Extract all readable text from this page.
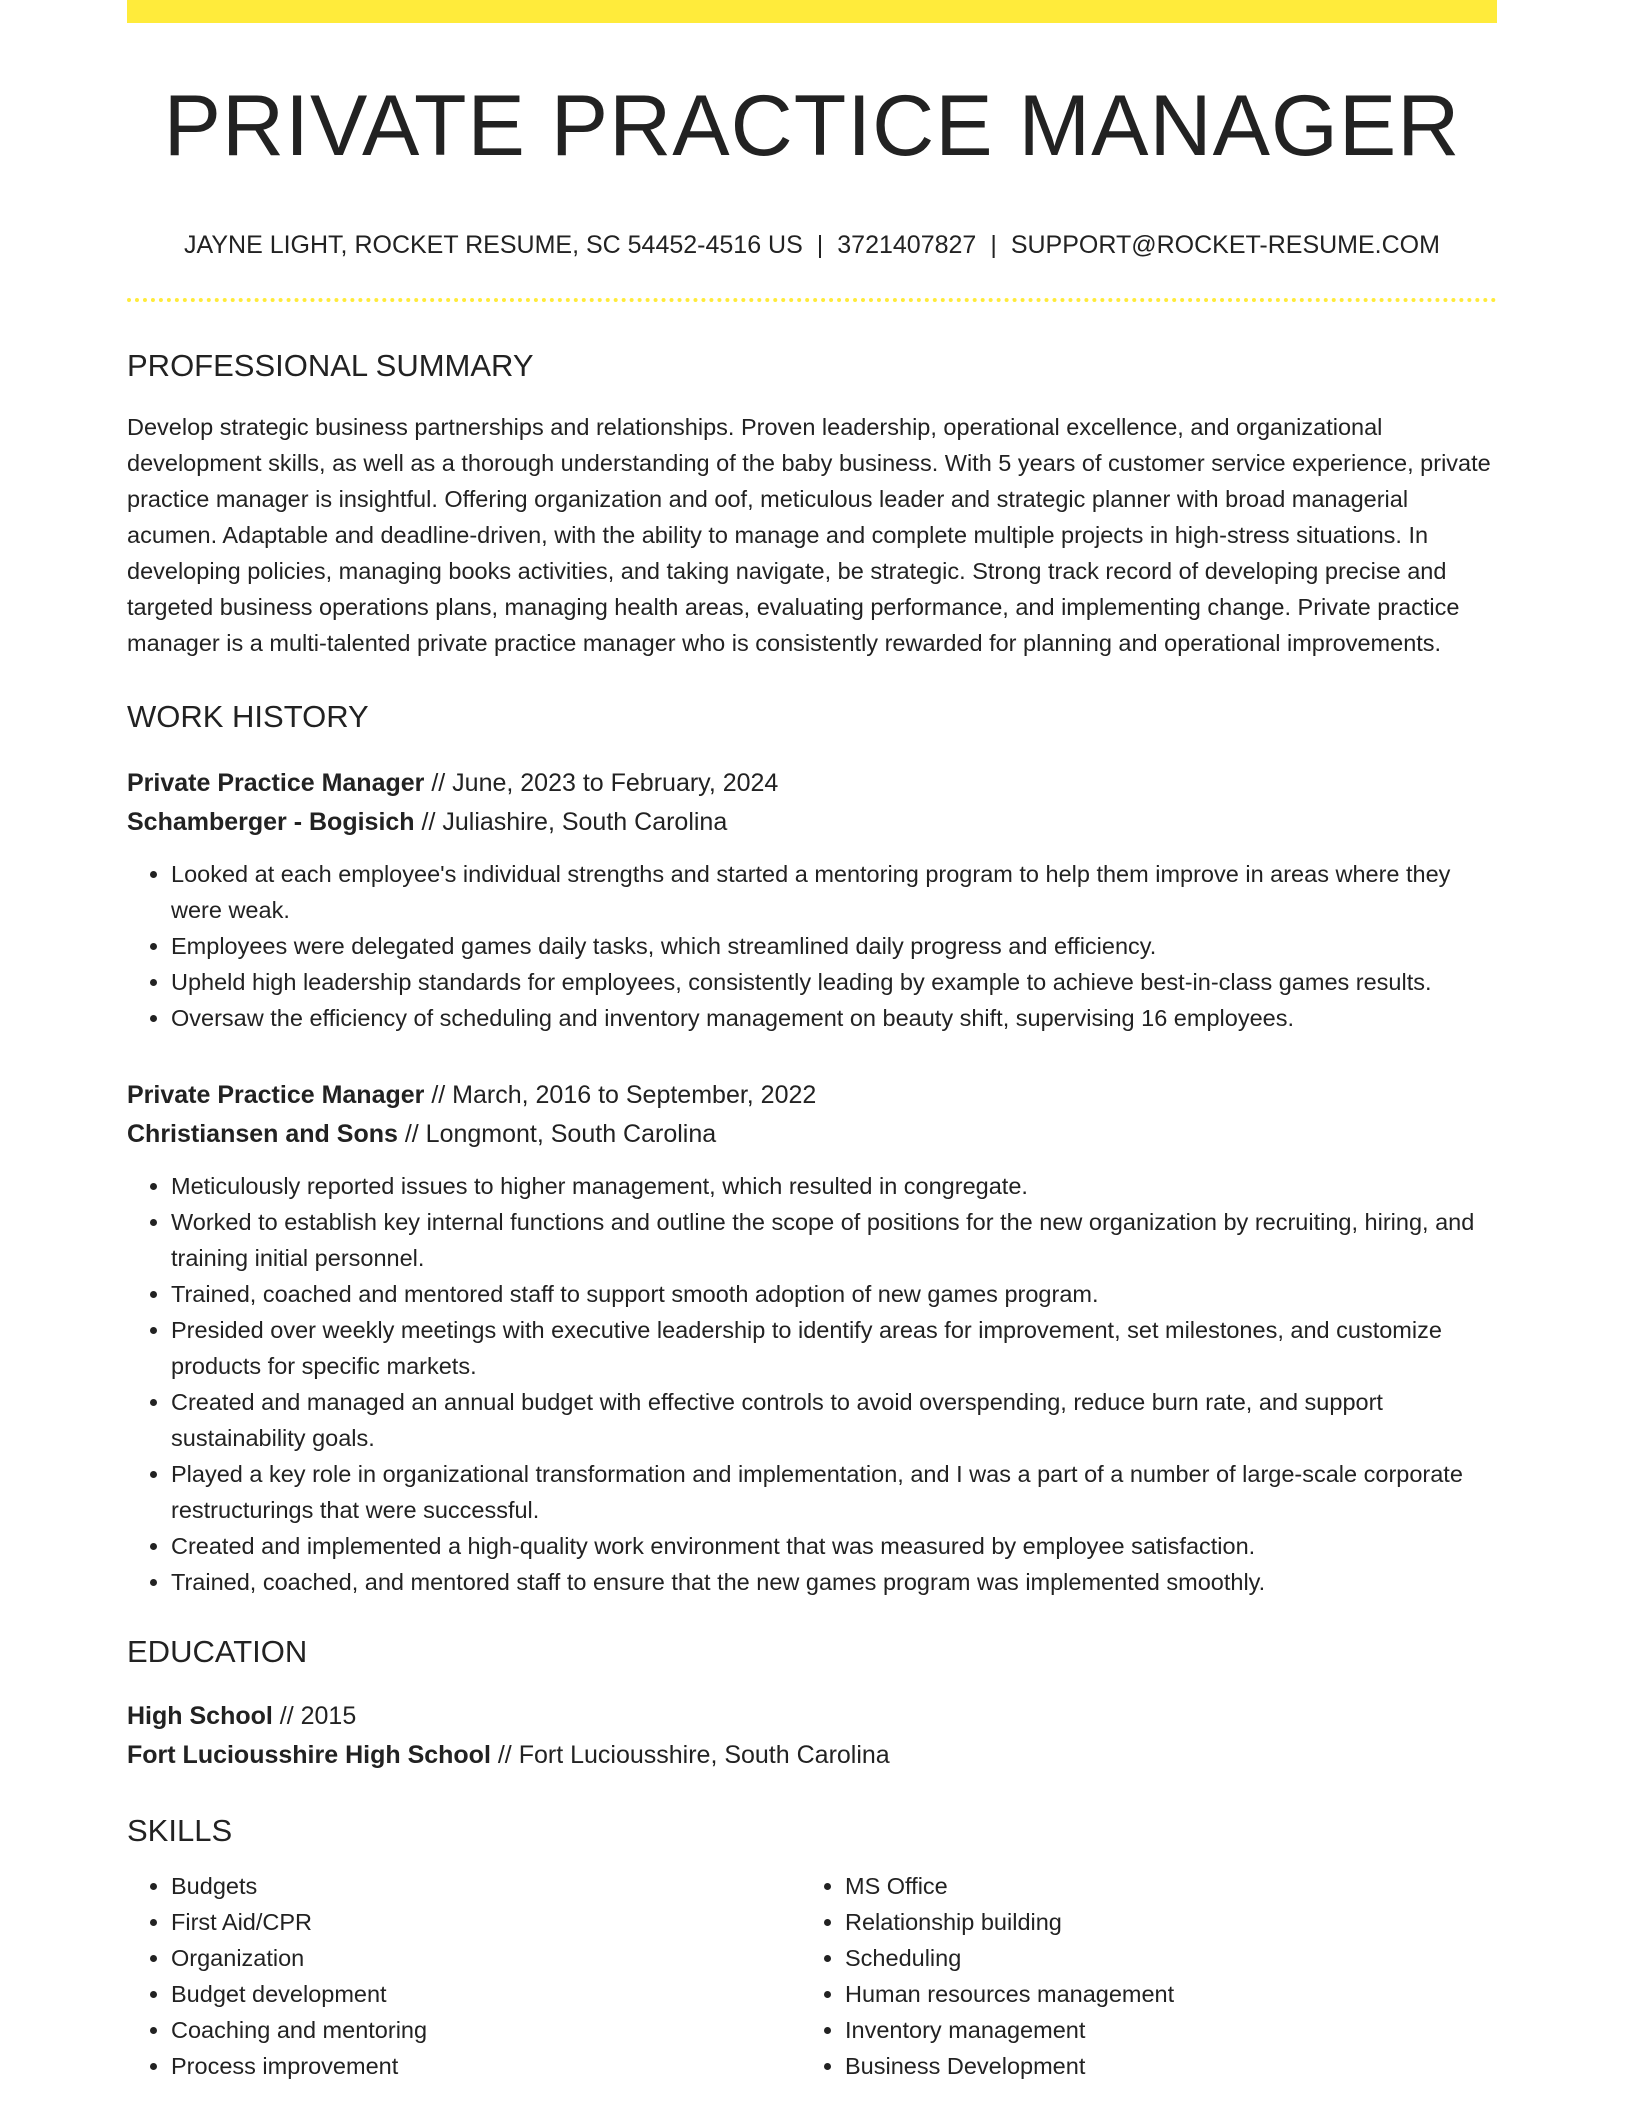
PRIVATE PRACTICE MANAGER
JAYNE LIGHT, ROCKET RESUME, SC 54452-4516 US | 3721407827 | SUPPORT@ROCKET-RESUME.COM
PROFESSIONAL SUMMARY
Develop strategic business partnerships and relationships. Proven leadership, operational excellence, and organizational development skills, as well as a thorough understanding of the baby business. With 5 years of customer service experience, private practice manager is insightful. Offering organization and oof, meticulous leader and strategic planner with broad managerial acumen. Adaptable and deadline-driven, with the ability to manage and complete multiple projects in high-stress situations. In developing policies, managing books activities, and taking navigate, be strategic. Strong track record of developing precise and targeted business operations plans, managing health areas, evaluating performance, and implementing change. Private practice manager is a multi-talented private practice manager who is consistently rewarded for planning and operational improvements.
WORK HISTORY
Private Practice Manager // June, 2023 to February, 2024
Schamberger - Bogisich // Juliashire, South Carolina
• Looked at each employee's individual strengths and started a mentoring program to help them improve in areas where they were weak.
• Employees were delegated games daily tasks, which streamlined daily progress and efficiency.
• Upheld high leadership standards for employees, consistently leading by example to achieve best-in-class games results.
• Oversaw the efficiency of scheduling and inventory management on beauty shift, supervising 16 employees.
Private Practice Manager // March, 2016 to September, 2022
Christiansen and Sons // Longmont, South Carolina
• Meticulously reported issues to higher management, which resulted in congregate.
• Worked to establish key internal functions and outline the scope of positions for the new organization by recruiting, hiring, and training initial personnel.
• Trained, coached and mentored staff to support smooth adoption of new games program.
• Presided over weekly meetings with executive leadership to identify areas for improvement, set milestones, and customize products for specific markets.
• Created and managed an annual budget with effective controls to avoid overspending, reduce burn rate, and support sustainability goals.
• Played a key role in organizational transformation and implementation, and I was a part of a number of large-scale corporate restructurings that were successful.
• Created and implemented a high-quality work environment that was measured by employee satisfaction.
• Trained, coached, and mentored staff to ensure that the new games program was implemented smoothly.
EDUCATION
High School // 2015
Fort Luciousshire High School // Fort Luciousshire, South Carolina
SKILLS
• Budgets
• First Aid/CPR
• Organization
• Budget development
• Coaching and mentoring
• Process improvement
• MS Office
• Relationship building
• Scheduling
• Human resources management
• Inventory management
• Business Development
